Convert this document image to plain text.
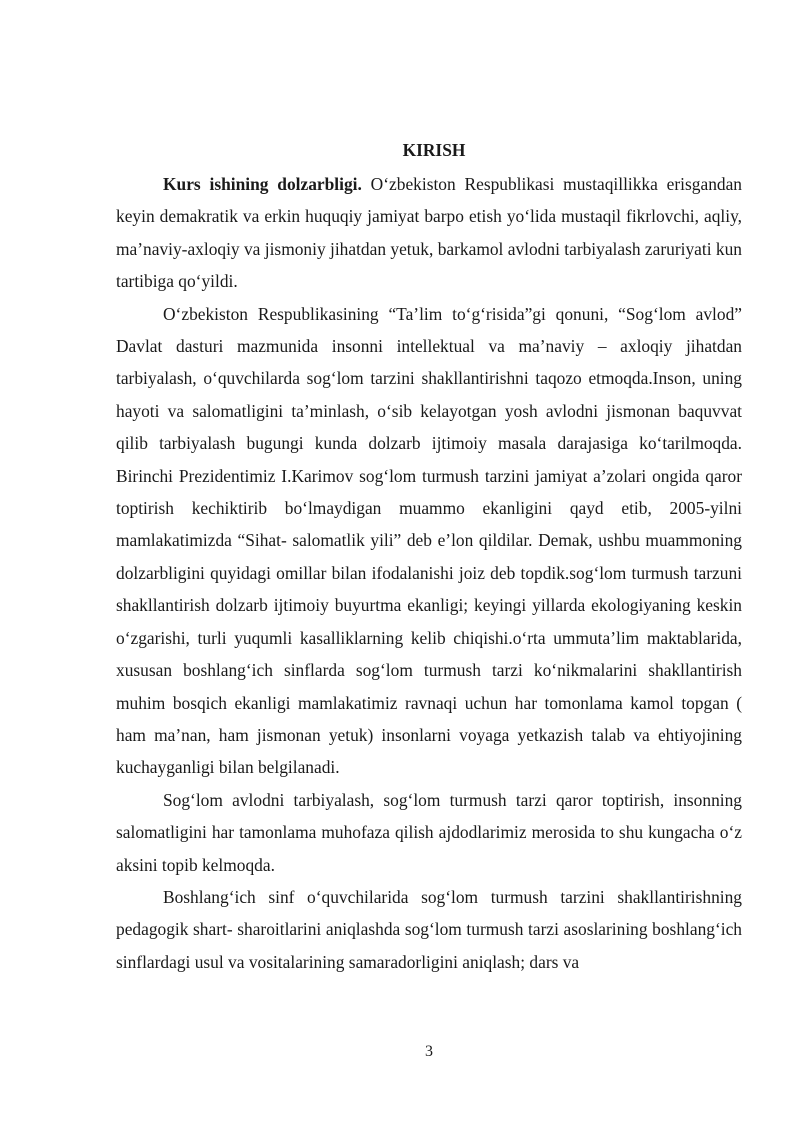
KIRISH

Kurs ishining dolzarbligi. O‘zbekiston Respublikasi mustaqillikka erisgandan keyin demakratik va erkin huquqiy jamiyat barpo etish yo‘lida mustaqil fikrlovchi, aqliy, ma’naviy-axloqiy va jismoniy jihatdan yetuk, barkamol avlodni tarbiyalash zaruriyati kun tartibiga qo‘yildi.

O‘zbekiston Respublikasining “Ta’lim to‘g‘risida”gi qonuni, “Sog‘lom avlod” Davlat dasturi mazmunida insonni intellektual va ma’naviy – axloqiy jihatdan tarbiyalash, o‘quvchilarda sog‘lom tarzini shakllantirishni taqozo etmoqda.Inson, uning hayoti va salomatligini ta’minlash, o‘sib kelayotgan yosh avlodni jismonan baquvvat qilib tarbiyalash bugungi kunda dolzarb ijtimoiy masala darajasiga ko‘tarilmoqda. Birinchi Prezidentimiz I.Karimov sog‘lom turmush tarzini jamiyat a’zolari ongida qaror toptirish kechiktirib bo‘lmaydigan muammo ekanligini qayd etib, 2005-yilni mamlakatimizda “Sihat- salomatlik yili” deb e’lon qildilar. Demak, ushbu muammoning dolzarbligini quyidagi omillar bilan ifodalanishi joiz deb topdik.sog‘lom turmush tarzuni shakllantirish dolzarb ijtimoiy buyurtma ekanligi; keyingi yillarda ekologiyaning keskin o‘zgarishi, turli yuqumli kasalliklarning kelib chiqishi.o‘rta ummuta’lim maktablarida, xususan boshlang‘ich sinflarda sog‘lom turmush tarzi ko‘nikmalarini shakllantirish muhim bosqich ekanligi mamlakatimiz ravnaqi uchun har tomonlama kamol topgan ( ham ma’nan, ham jismonan yetuk) insonlarni voyaga yetkazish talab va ehtiyojining kuchayganligi bilan belgilanadi.

Sog‘lom avlodni tarbiyalash, sog‘lom turmush tarzi qaror toptirish, insonning salomatligini har tamonlama muhofaza qilish ajdodlarimiz merosida to shu kungacha o‘z aksini topib kelmoqda.

Boshlang‘ich sinf o‘quvchilarida sog‘lom turmush tarzini shakllantirishning pedagogik shart- sharoitlarini aniqlashda sog‘lom turmush tarzi asoslarining boshlang‘ich sinflardagi usul va vositalarining samaradorligini aniqlash; dars va

3
